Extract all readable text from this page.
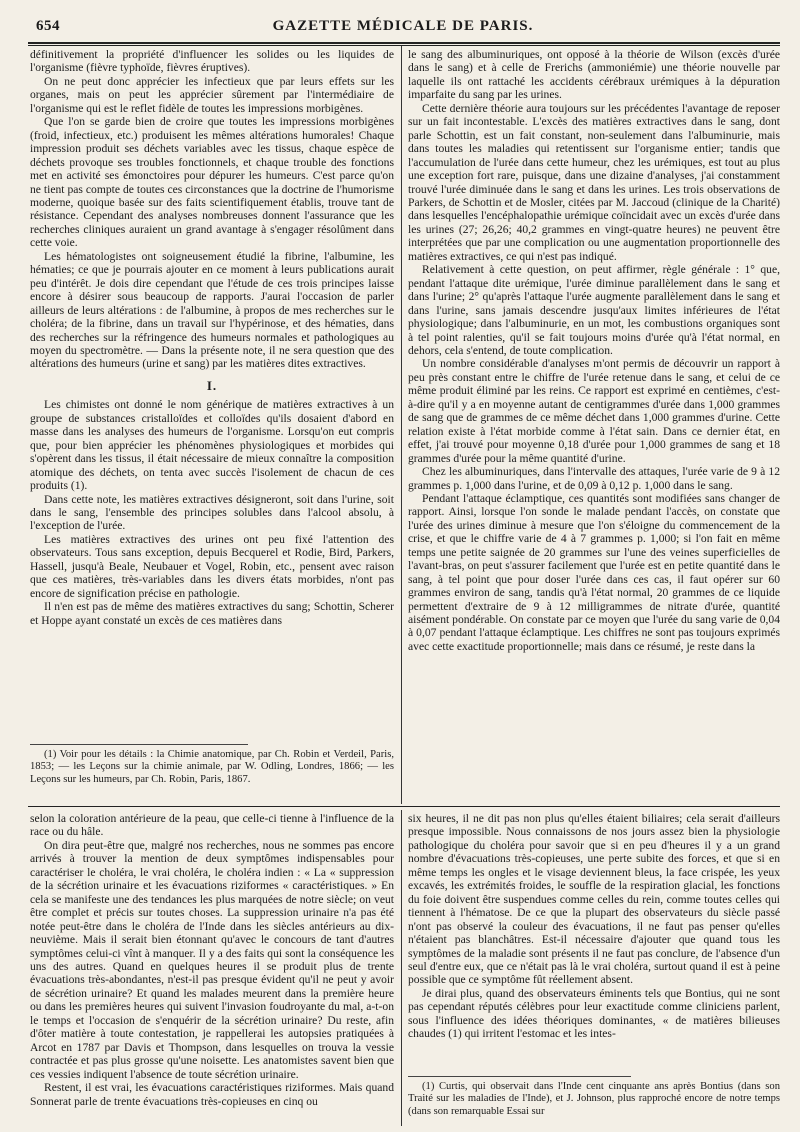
654	GAZETTE MÉDICALE DE PARIS.

définitivement la propriété d'influencer les solides ou les liquides de l'organisme (fièvre typhoïde, fièvres éruptives).

On ne peut donc apprécier les infectieux que par leurs effets sur les organes, mais on peut les apprécier sûrement par l'intermédiaire de l'organisme qui est le reflet fidèle de toutes les impressions morbigènes.

Que l'on se garde bien de croire que toutes les impressions morbigènes (froid, infectieux, etc.) produisent les mêmes altérations humorales! Chaque impression produit ses déchets variables avec les tissus, chaque espèce de déchets provoque ses troubles fonctionnels, et chaque trouble des fonctions met en activité ses émonctoires pour dépurer les humeurs. C'est parce qu'on ne tient pas compte de toutes ces circonstances que la doctrine de l'humorisme moderne, quoique basée sur des faits scientifiquement établis, trouve tant de résistance. Cependant des analyses nombreuses donnent l'assurance que les recherches cliniques auraient un grand avantage à s'engager résolûment dans cette voie.

Les hématologistes ont soigneusement étudié la fibrine, l'albumine, les hématies; ce que je pourrais ajouter en ce moment à leurs publications aurait peu d'intérêt. Je dois dire cependant que l'étude de ces trois principes laisse encore à désirer sous beaucoup de rapports. J'aurai l'occasion de parler ailleurs de leurs altérations : de l'albumine, à propos de mes recherches sur le choléra; de la fibrine, dans un travail sur l'hypérinose, et des hématies, dans des recherches sur la réfringence des humeurs normales et pathologiques au moyen du spectromètre. — Dans la présente note, il ne sera question que des altérations des humeurs (urine et sang) par les matières dites extractives.

I.

Les chimistes ont donné le nom générique de matières extractives à un groupe de substances cristalloïdes et colloïdes qu'ils dosaient d'abord en masse dans les analyses des humeurs de l'organisme. Lorsqu'on eut compris que, pour bien apprécier les phénomènes physiologiques et morbides qui s'opèrent dans les tissus, il était nécessaire de mieux connaître la composition atomique des déchets, on tenta avec succès l'isolement de chacun de ces produits (1).

Dans cette note, les matières extractives désigneront, soit dans l'urine, soit dans le sang, l'ensemble des principes solubles dans l'alcool absolu, à l'exception de l'urée.

Les matières extractives des urines ont peu fixé l'attention des observateurs. Tous sans exception, depuis Becquerel et Rodie, Bird, Parkers, Hassell, jusqu'à Beale, Neubauer et Vogel, Robin, etc., pensent avec raison que ces matières, très-variables dans les divers états morbides, n'ont pas encore de signification précise en pathologie.

Il n'en est pas de même des matières extractives du sang; Schottin, Scherer et Hoppe ayant constaté un excès de ces matières dans

(1) Voir pour les détails : la Chimie anatomique, par Ch. Robin et Verdeil, Paris, 1853; — les Leçons sur la chimie animale, par W. Odling, Londres, 1866; — les Leçons sur les humeurs, par Ch. Robin, Paris, 1867.

le sang des albuminuriques, ont opposé à la théorie de Wilson (excès d'urée dans le sang) et à celle de Frerichs (ammoniémie) une théorie nouvelle par laquelle ils ont rattaché les accidents cérébraux urémiques à la dépuration imparfaite du sang par les urines.

Cette dernière théorie aura toujours sur les précédentes l'avantage de reposer sur un fait incontestable. L'excès des matières extractives dans le sang, dont parle Schottin, est un fait constant, non-seulement dans l'albuminurie, mais dans toutes les maladies qui retentissent sur l'organisme entier; tandis que l'accumulation de l'urée dans cette humeur, chez les urémiques, est tout au plus une exception fort rare, puisque, dans une dizaine d'analyses, j'ai constamment trouvé l'urée diminuée dans le sang et dans les urines. Les trois observations de Parkers, de Schottin et de Mosler, citées par M. Jaccoud (clinique de la Charité) dans lesquelles l'encéphalopathie urémique coïncidait avec un excès d'urée dans les urines (27; 26,26; 40,2 grammes en vingt-quatre heures) ne peuvent être interprétées que par une complication ou une augmentation proportionnelle des matières extractives, ce qui n'est pas indiqué.

Relativement à cette question, on peut affirmer, règle générale : 1° que, pendant l'attaque dite urémique, l'urée diminue parallèlement dans le sang et dans l'urine; 2° qu'après l'attaque l'urée augmente parallèlement dans le sang et dans l'urine, sans jamais descendre jusqu'aux limites inférieures de l'état physiologique; dans l'albuminurie, en un mot, les combustions organiques sont à tel point ralenties, qu'il se fait toujours moins d'urée qu'à l'état normal, en dehors, cela s'entend, de toute complication.

Un nombre considérable d'analyses m'ont permis de découvrir un rapport à peu près constant entre le chiffre de l'urée retenue dans le sang, et celui de ce même produit éliminé par les reins. Ce rapport est exprimé en centièmes, c'est-à-dire qu'il y a en moyenne autant de centigrammes d'urée dans 1,000 grammes de sang que de grammes de ce même déchet dans 1,000 grammes d'urine. Cette relation existe à l'état morbide comme à l'état sain. Dans ce dernier état, en effet, j'ai trouvé pour moyenne 0,18 d'urée pour 1,000 grammes de sang et 18 grammes d'urée pour la même quantité d'urine.

Chez les albuminuriques, dans l'intervalle des attaques, l'urée varie de 9 à 12 grammes p. 1,000 dans l'urine, et de 0,09 à 0,12 p. 1,000 dans le sang.

Pendant l'attaque éclamptique, ces quantités sont modifiées sans changer de rapport. Ainsi, lorsque l'on sonde le malade pendant l'accès, on constate que l'urée des urines diminue à mesure que l'on s'éloigne du commencement de la crise, et que le chiffre varie de 4 à 7 grammes p. 1,000; si l'on fait en même temps une petite saignée de 20 grammes sur l'une des veines superficielles de l'avant-bras, on peut s'assurer facilement que l'urée est en petite quantité dans le sang, à tel point que pour doser l'urée dans ces cas, il faut opérer sur 60 grammes environ de sang, tandis qu'à l'état normal, 20 grammes de ce liquide permettent d'extraire de 9 à 12 milligrammes de nitrate d'urée, quantité aisément pondérable. On constate par ce moyen que l'urée du sang varie de 0,04 à 0,07 pendant l'attaque éclamptique. Les chiffres ne sont pas toujours exprimés avec cette exactitude proportionnelle; mais dans ce résumé, je reste dans la

selon la coloration antérieure de la peau, que celle-ci tienne à l'influence de la race ou du hâle.

On dira peut-être que, malgré nos recherches, nous ne sommes pas encore arrivés à trouver la mention de deux symptômes indispensables pour caractériser le choléra, le vrai choléra, le choléra indien : « La « suppression de la sécrétion urinaire et les évacuations riziformes « caractéristiques. » En cela se manifeste une des tendances les plus marquées de notre siècle; on veut être complet et précis sur toutes choses. La suppression urinaire n'a pas été notée peut-être dans le choléra de l'Inde dans les siècles antérieurs au dix-neuvième. Mais il serait bien étonnant qu'avec le concours de tant d'autres symptômes celui-ci vînt à manquer. Il y a des faits qui sont la conséquence les uns des autres. Quand en quelques heures il se produit plus de trente évacuations très-abondantes, n'est-il pas presque évident qu'il ne peut y avoir de sécrétion urinaire? Et quand les malades meurent dans la première heure ou dans les premières heures qui suivent l'invasion foudroyante du mal, a-t-on le temps et l'occasion de s'enquérir de la sécrétion urinaire? Du reste, afin d'ôter matière à toute contestation, je rappellerai les autopsies pratiquées à Arcot en 1787 par Davis et Thompson, dans lesquelles on trouva la vessie contractée et pas plus grosse qu'une noisette. Les anatomistes savent bien que ces vessies indiquent l'absence de toute sécrétion urinaire.

Restent, il est vrai, les évacuations caractéristiques riziformes. Mais quand Sonnerat parle de trente évacuations très-copieuses en cinq ou

six heures, il ne dit pas non plus qu'elles étaient biliaires; cela serait d'ailleurs presque impossible. Nous connaissons de nos jours assez bien la physiologie pathologique du choléra pour savoir que si en peu d'heures il y a un grand nombre d'évacuations très-copieuses, une perte subite des forces, et que si en même temps les ongles et le visage deviennent bleus, la face crispée, les yeux excavés, les extrémités froides, le souffle de la respiration glacial, les fonctions du foie doivent être suspendues comme celles du rein, comme toutes celles qui tiennent à l'hématose. De ce que la plupart des observateurs du siècle passé n'ont pas observé la couleur des évacuations, il ne faut pas penser qu'elles n'étaient pas blanchâtres. Est-il nécessaire d'ajouter que quand tous les symptômes de la maladie sont présents il ne faut pas conclure, de l'absence d'un seul d'entre eux, que ce n'était pas là le vrai choléra, surtout quand il est à peine possible que ce symptôme fût réellement absent.

Je dirai plus, quand des observateurs éminents tels que Bontius, qui ne sont pas cependant réputés célèbres pour leur exactitude comme cliniciens parlent, sous l'influence des idées théoriques dominantes, « de matières bilieuses chaudes (1) qui irritent l'estomac et les intes-

(1) Curtis, qui observait dans l'Inde cent cinquante ans après Bontius (dans son Traité sur les maladies de l'Inde), et J. Johnson, plus rapproché encore de notre temps (dans son remarquable Essai sur
